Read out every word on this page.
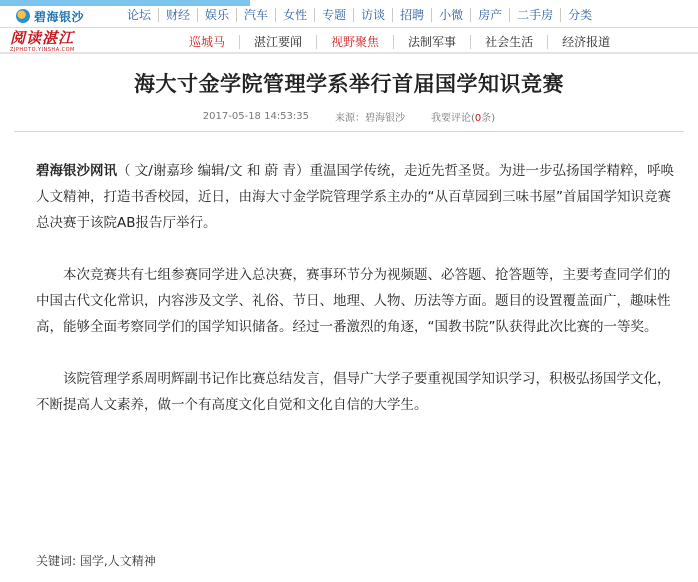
碧海银沙	论坛	财经	娱乐	汽车	女性	专题	访谈	招聘	小微	房产	二手房	分类
阅读湛江
ZJPHOTO.YINSHA.COM
巡城马	湛江要闻	视野聚焦	法制军事	社会生活	经济报道
海大寸金学院管理学系举行首届国学知识竞赛
2017-05-18 14:53:35	来源：碧海银沙	我要评论(0条)

碧海银沙网讯（ 文/谢嘉珍 编辑/文 和 蔚 青）重温国学传统，走近先哲圣贤。为进一步弘扬国学精粹，呼唤人文精神，打造书香校园，近日，由海大寸金学院管理学系主办的“从百草园到三味书屋”首届国学知识竞赛总决赛于该院AB报告厅举行。

本次竞赛共有七组参赛同学进入总决赛，赛事环节分为视频题、必答题、抢答题等，主要考查同学们的中国古代文化常识，内容涉及文学、礼俗、节日、地理、人物、历法等方面。题目的设置覆盖面广，趣味性高，能够全面考察同学们的国学知识储备。经过一番激烈的角逐，“国教书院”队获得此次比赛的一等奖。

该院管理学系周明辉副书记作比赛总结发言，倡导广大学子要重视国学知识学习，积极弘扬国学文化，不断提高人文素养，做一个有高度文化自觉和文化自信的大学生。

关键词: 国学,人文精神
